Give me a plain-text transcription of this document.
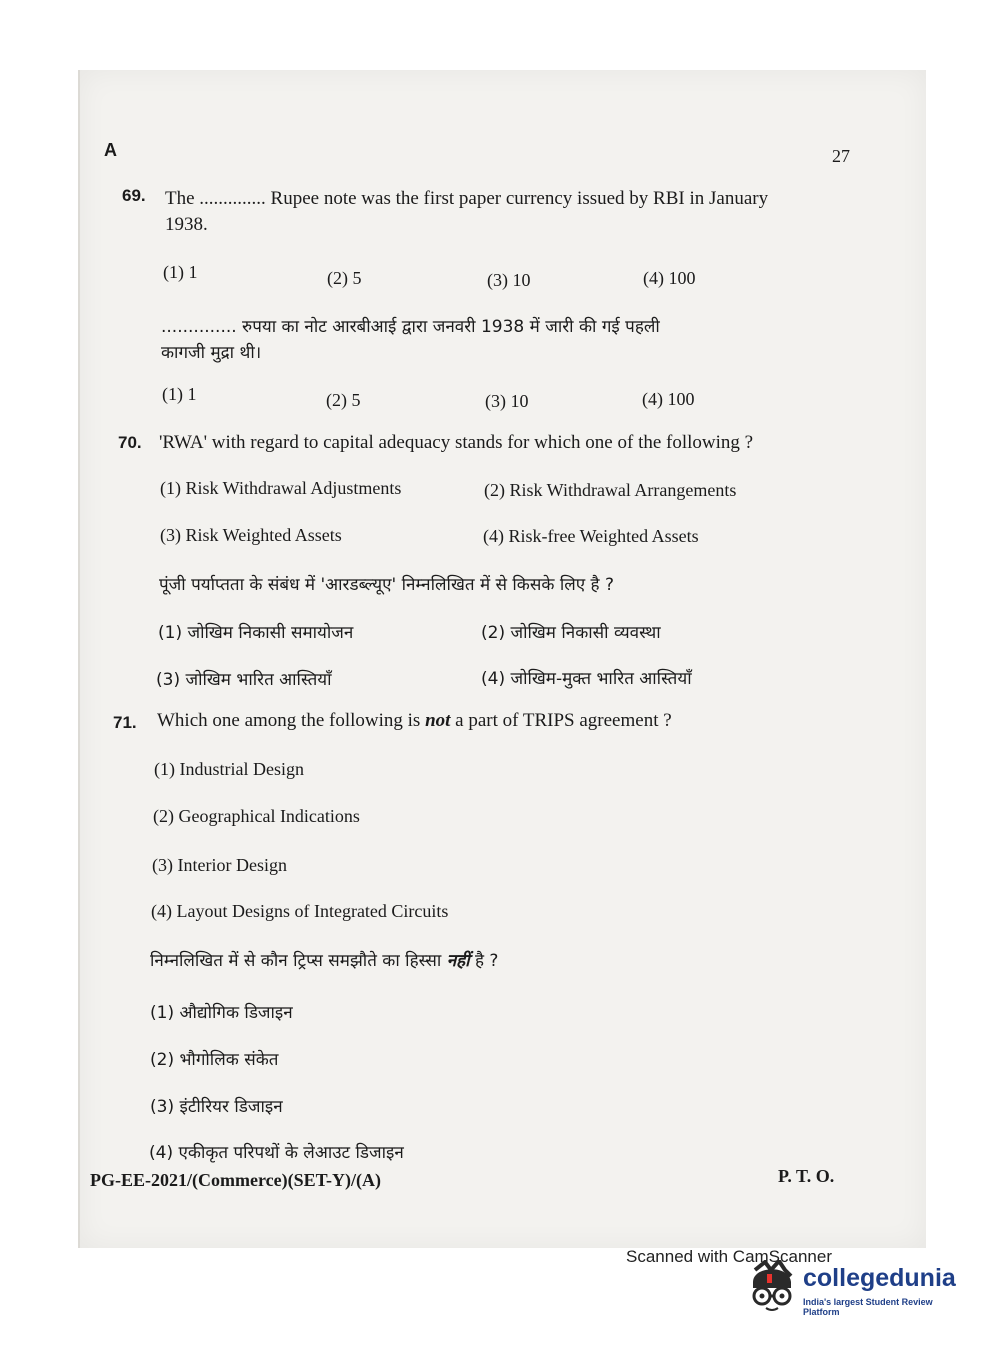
A	27
69. The .............. Rupee note was the first paper currency issued by RBI in January
1938.
(1) 1	(2) 5	(3) 10	(4) 100
.............. रुपया का नोट आरबीआई द्वारा जनवरी 1938 में जारी की गई पहली
कागजी मुद्रा थी।
(1) 1	(2) 5	(3) 10	(4) 100
70. 'RWA' with regard to capital adequacy stands for which one of the following ?
(1) Risk Withdrawal Adjustments	(2) Risk Withdrawal Arrangements
(3) Risk Weighted Assets	(4) Risk-free Weighted Assets
पूंजी पर्याप्तता के संबंध में 'आरडब्ल्यूए' निम्नलिखित में से किसके लिए है ?
(1) जोखिम निकासी समायोजन	(2) जोखिम निकासी व्यवस्था
(3) जोखिम भारित आस्तियाँ	(4) जोखिम-मुक्त भारित आस्तियाँ
71. Which one among the following is not a part of TRIPS agreement ?
(1) Industrial Design
(2) Geographical Indications
(3) Interior Design
(4) Layout Designs of Integrated Circuits
निम्नलिखित में से कौन ट्रिप्स समझौते का हिस्सा नहीं है ?
(1) औद्योगिक डिजाइन
(2) भौगोलिक संकेत
(3) इंटीरियर डिजाइन
(4) एकीकृत परिपथों के लेआउट डिजाइन
PG-EE-2021/(Commerce)(SET-Y)/(A)	P. T. O.
Scanned with CamScanner
collegedunia
India's largest Student Review Platform
